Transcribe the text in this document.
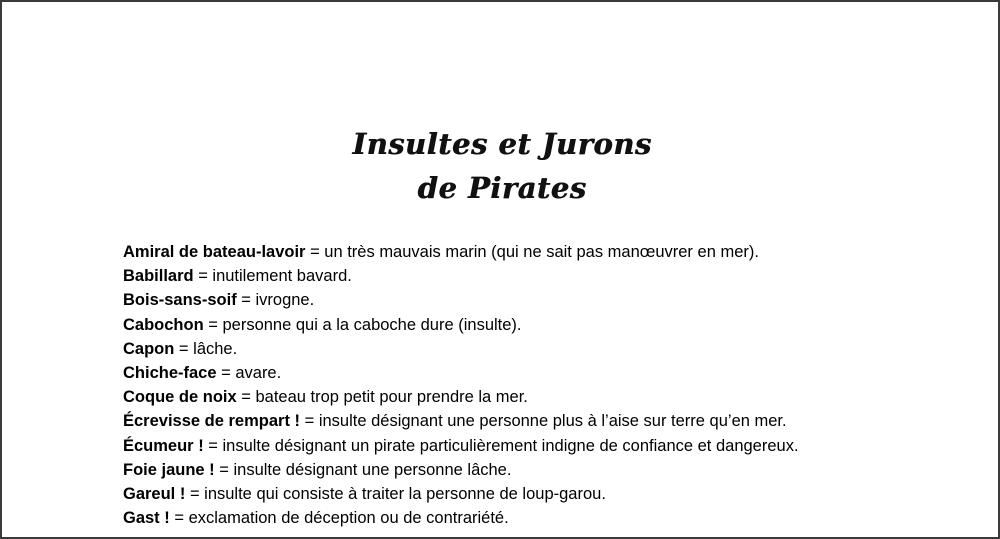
Insultes et Jurons
de Pirates
Amiral de bateau-lavoir = un très mauvais marin (qui ne sait pas manœuvrer en mer).
Babillard = inutilement bavard.
Bois-sans-soif = ivrogne.
Cabochon = personne qui a la caboche dure (insulte).
Capon = lâche.
Chiche-face = avare.
Coque de noix = bateau trop petit pour prendre la mer.
Écrevisse de rempart ! = insulte désignant une personne plus à l’aise sur terre qu’en mer.
Écumeur ! = insulte désignant un pirate particulièrement indigne de confiance et dangereux.
Foie jaune ! = insulte désignant une personne lâche.
Gareul ! = insulte qui consiste à traiter la personne de loup-garou.
Gast ! = exclamation de déception ou de contrariété.
